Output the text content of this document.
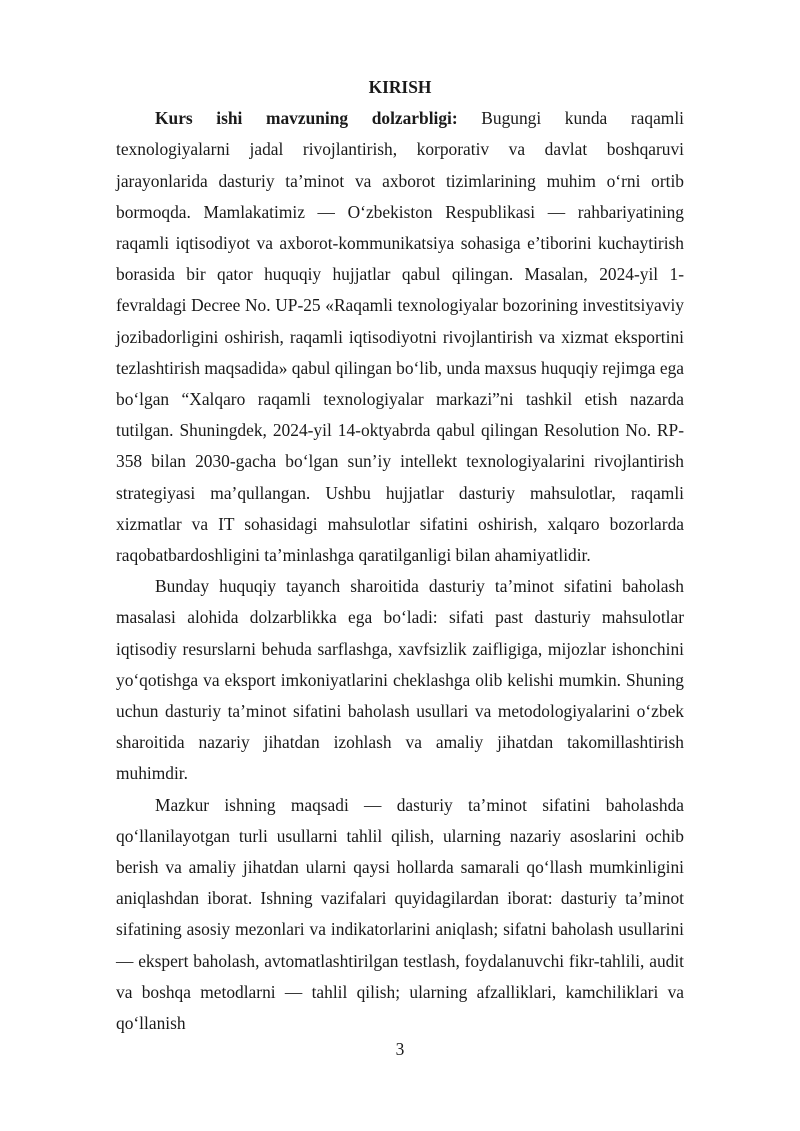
KIRISH

Kurs ishi mavzuning dolzarbligi: Bugungi kunda raqamli texnologiyalarni jadal rivojlantirish, korporativ va davlat boshqaruvi jarayonlarida dasturiy ta’minot va axborot tizimlarining muhim o‘rni ortib bormoqda. Mamlakatimiz — O‘zbekiston Respublikasi — rahbariyatining raqamli iqtisodiyot va axborot-kommunikatsiya sohasiga e’tiborini kuchaytirish borasida bir qator huquqiy hujjatlar qabul qilingan. Masalan, 2024-yil 1-fevraldagi Decree No. UP-25 «Raqamli texnologiyalar bozorining investitsiyaviy jozibadorligini oshirish, raqamli iqtisodiyotni rivojlantirish va xizmat eksportini tezlashtirish maqsadida» qabul qilingan bo‘lib, unda maxsus huquqiy rejimga ega bo‘lgan “Xalqaro raqamli texnologiyalar markazi”ni tashkil etish nazarda tutilgan. Shuningdek, 2024-yil 14-oktyabrda qabul qilingan Resolution No. RP-358 bilan 2030-gacha bo‘lgan sun’iy intellekt texnologiyalarini rivojlantirish strategiyasi ma’qullangan. Ushbu hujjatlar dasturiy mahsulotlar, raqamli xizmatlar va IT sohasidagi mahsulotlar sifatini oshirish, xalqaro bozorlarda raqobatbardoshligini ta’minlashga qaratilganligi bilan ahamiyatlidir.

Bunday huquqiy tayanch sharoitida dasturiy ta’minot sifatini baholash masalasi alohida dolzarblikka ega bo‘ladi: sifati past dasturiy mahsulotlar iqtisodiy resurslarni behuda sarflashga, xavfsizlik zaifligiga, mijozlar ishonchini yo‘qotishga va eksport imkoniyatlarini cheklashga olib kelishi mumkin. Shuning uchun dasturiy ta’minot sifatini baholash usullari va metodologiyalarini o‘zbek sharoitida nazariy jihatdan izohlash va amaliy jihatdan takomillashtirish muhimdir.

Mazkur ishning maqsadi — dasturiy ta’minot sifatini baholashda qo‘llanilayotgan turli usullarni tahlil qilish, ularning nazariy asoslarini ochib berish va amaliy jihatdan ularni qaysi hollarda samarali qo‘llash mumkinligini aniqlashdan iborat. Ishning vazifalari quyidagilardan iborat: dasturiy ta’minot sifatining asosiy mezonlari va indikatorlarini aniqlash; sifatni baholash usullarini — ekspert baholash, avtomatlashtirilgan testlash, foydalanuvchi fikr-tahlili, audit va boshqa metodlarni — tahlil qilish; ularning afzalliklari, kamchiliklari va qo‘llanish

3
